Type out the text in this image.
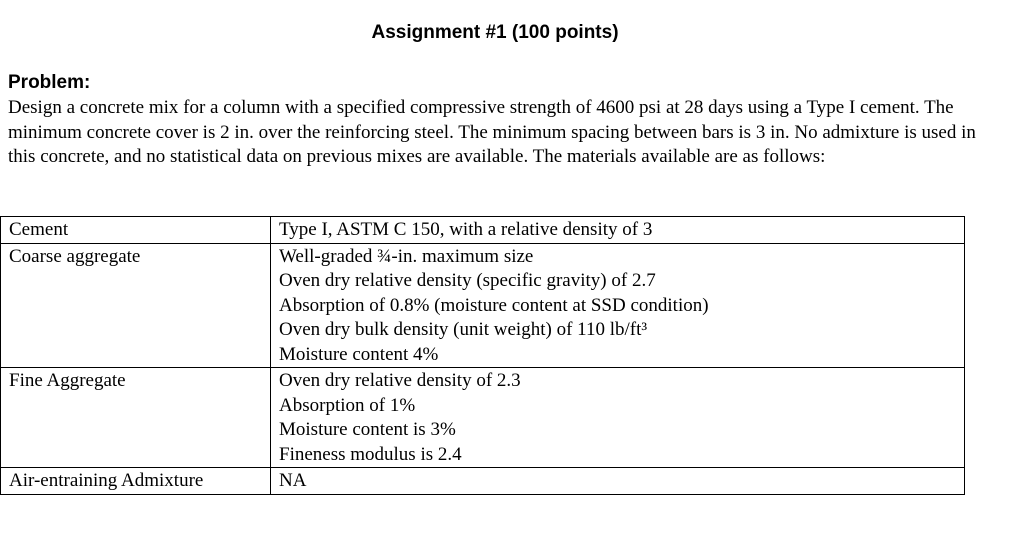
Assignment #1 (100 points)
Problem:
Design a concrete mix for a column with a specified compressive strength of 4600 psi at 28 days using a Type I cement. The minimum concrete cover is 2 in. over the reinforcing steel. The minimum spacing between bars is 3 in. No admixture is used in this concrete, and no statistical data on previous mixes are available. The materials available are as follows:
Cement	Type I, ASTM C 150, with a relative density of 3

Coarse aggregate	Well-graded ¾-in. maximum size
Oven dry relative density (specific gravity) of 2.7
Absorption of 0.8% (moisture content at SSD condition)
Oven dry bulk density (unit weight) of 110 lb/ft³
Moisture content 4%

Fine Aggregate	Oven dry relative density of 2.3
Absorption of 1%
Moisture content is 3%
Fineness modulus is 2.4

Air-entraining Admixture	NA
